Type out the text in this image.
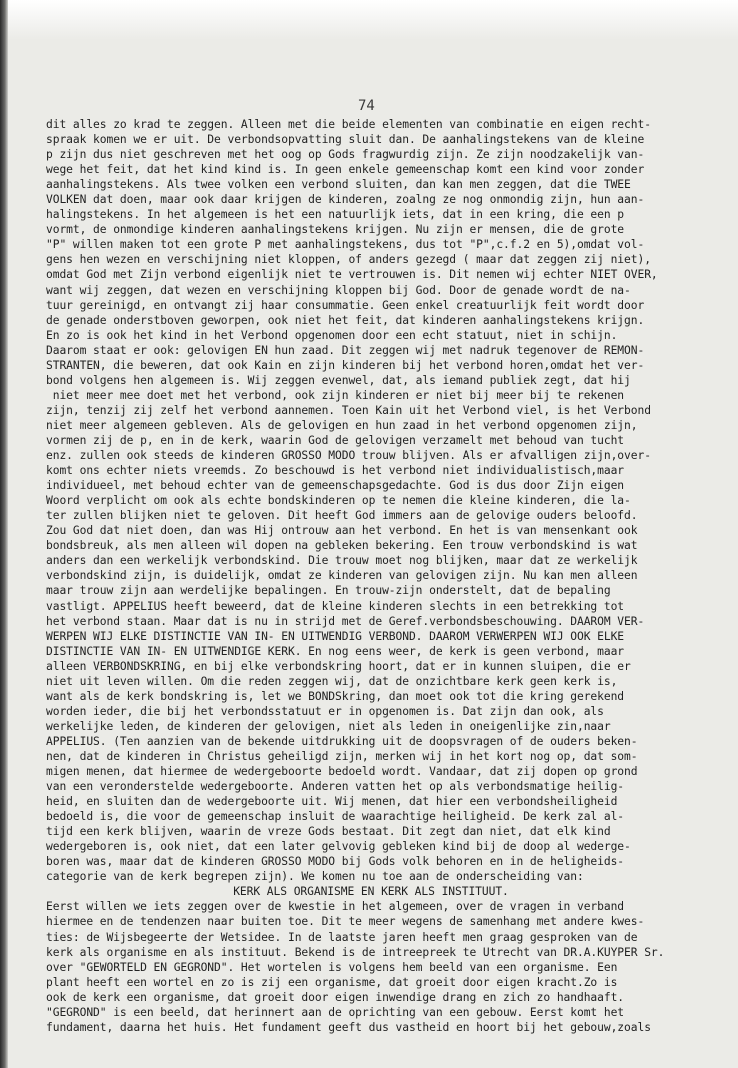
74
dit alles zo krad te zeggen. Alleen met die beide elementen van combinatie en eigen recht-
spraak komen we er uit. De verbondsopvatting sluit dan. De aanhalingstekens van de kleine
p zijn dus niet geschreven met het oog op Gods fragwurdig zijn. Ze zijn noodzakelijk van-
wege het feit, dat het kind kind is. In geen enkele gemeenschap komt een kind voor zonder
aanhalingstekens. Als twee volken een verbond sluiten, dan kan men zeggen, dat die TWEE
VOLKEN dat doen, maar ook daar krijgen de kinderen, zoalng ze nog onmondig zijn, hun aan-
halingstekens. In het algemeen is het een natuurlijk iets, dat in een kring, die een p
vormt, de onmondige kinderen aanhalingstekens krijgen. Nu zijn er mensen, die de grote
"P" willen maken tot een grote P met aanhalingstekens, dus tot "P",c.f.2 en 5),omdat vol-
gens hen wezen en verschijning niet kloppen, of anders gezegd ( maar dat zeggen zij niet),
omdat God met Zijn verbond eigenlijk niet te vertrouwen is. Dit nemen wij echter NIET OVER,
want wij zeggen, dat wezen en verschijning kloppen bij God. Door de genade wordt de na-
tuur gereinigd, en ontvangt zij haar consummatie. Geen enkel creatuurlijk feit wordt door
de genade onderstboven geworpen, ook niet het feit, dat kinderen aanhalingstekens krijgn.
En zo is ook het kind in het Verbond opgenomen door een echt statuut, niet in schijn.
Daarom staat er ook: gelovigen EN hun zaad. Dit zeggen wij met nadruk tegenover de REMON-
STRANTEN, die beweren, dat ook Kain en zijn kinderen bij het verbond horen,omdat het ver-
bond volgens hen algemeen is. Wij zeggen evenwel, dat, als iemand publiek zegt, dat hij
niet meer mee doet met het verbond, ook zijn kinderen er niet bij meer bij te rekenen
zijn, tenzij zij zelf het verbond aannemen. Toen Kain uit het Verbond viel, is het Verbond
niet meer algemeen gebleven. Als de gelovigen en hun zaad in het verbond opgenomen zijn,
vormen zij de p, en in de kerk, waarin God de gelovigen verzamelt met behoud van tucht
enz. zullen ook steeds de kinderen GROSSO MODO trouw blijven. Als er afvalligen zijn,over-
komt ons echter niets vreemds. Zo beschouwd is het verbond niet individualistisch,maar
individueel, met behoud echter van de gemeenschapsgedachte. God is dus door Zijn eigen
Woord verplicht om ook als echte bondskinderen op te nemen die kleine kinderen, die la-
ter zullen blijken niet te geloven. Dit heeft God immers aan de gelovige ouders beloofd.
Zou God dat niet doen, dan was Hij ontrouw aan het verbond. En het is van mensenkant ook
bondsbreuk, als men alleen wil dopen na gebleken bekering. Een trouw verbondskind is wat
anders dan een werkelijk verbondskind. Die trouw moet nog blijken, maar dat ze werkelijk
verbondskind zijn, is duidelijk, omdat ze kinderen van gelovigen zijn. Nu kan men alleen
maar trouw zijn aan werdelijke bepalingen. En trouw-zijn onderstelt, dat de bepaling
vastligt. APPELIUS heeft beweerd, dat de kleine kinderen slechts in een betrekking tot
het verbond staan. Maar dat is nu in strijd met de Geref.verbondsbeschouwing. DAAROM VER-
WERPEN WIJ ELKE DISTINCTIE VAN IN- EN UITWENDIG VERBOND. DAAROM VERWERPEN WIJ OOK ELKE
DISTINCTIE VAN IN- EN UITWENDIGE KERK. En nog eens weer, de kerk is geen verbond, maar
alleen VERBONDSKRING, en bij elke verbondskring hoort, dat er in kunnen sluipen, die er
niet uit leven willen. Om die reden zeggen wij, dat de onzichtbare kerk geen kerk is,
want als de kerk bondskring is, let we BONDSkring, dan moet ook tot die kring gerekend
worden ieder, die bij het verbondsstatuut er in opgenomen is. Dat zijn dan ook, als
werkelijke leden, de kinderen der gelovigen, niet als leden in oneigenlijke zin,naar
APPELIUS. (Ten aanzien van de bekende uitdrukking uit de doopsvragen of de ouders beken-
nen, dat de kinderen in Christus geheiligd zijn, merken wij in het kort nog op, dat som-
migen menen, dat hiermee de wedergeboorte bedoeld wordt. Vandaar, dat zij dopen op grond
van een veronderstelde wedergeboorte. Anderen vatten het op als verbondsmatige heilig-
heid, en sluiten dan de wedergeboorte uit. Wij menen, dat hier een verbondsheiligheid
bedoeld is, die voor de gemeenschap insluit de waarachtige heiligheid. De kerk zal al-
tijd een kerk blijven, waarin de vreze Gods bestaat. Dit zegt dan niet, dat elk kind
wedergeboren is, ook niet, dat een later gelvovig gebleken kind bij de doop al wederge-
boren was, maar dat de kinderen GROSSO MODO bij Gods volk behoren en in de heligheids-
categorie van de kerk begrepen zijn). We komen nu toe aan de onderscheiding van:
KERK ALS ORGANISME EN KERK ALS INSTITUUT.
Eerst willen we iets zeggen over de kwestie in het algemeen, over de vragen in verband
hiermee en de tendenzen naar buiten toe. Dit te meer wegens de samenhang met andere kwes-
ties: de Wijsbegeerte der Wetsidee. In de laatste jaren heeft men graag gesproken van de
kerk als organisme en als instituut. Bekend is de intreepreek te Utrecht van DR.A.KUYPER Sr.
over "GEWORTELD EN GEGROND". Het wortelen is volgens hem beeld van een organisme. Een
plant heeft een wortel en zo is zij een organisme, dat groeit door eigen kracht.Zo is
ook de kerk een organisme, dat groeit door eigen inwendige drang en zich zo handhaaft.
"GEGROND" is een beeld, dat herinnert aan de oprichting van een gebouw. Eerst komt het
fundament, daarna het huis. Het fundament geeft dus vastheid en hoort bij het gebouw,zoals
